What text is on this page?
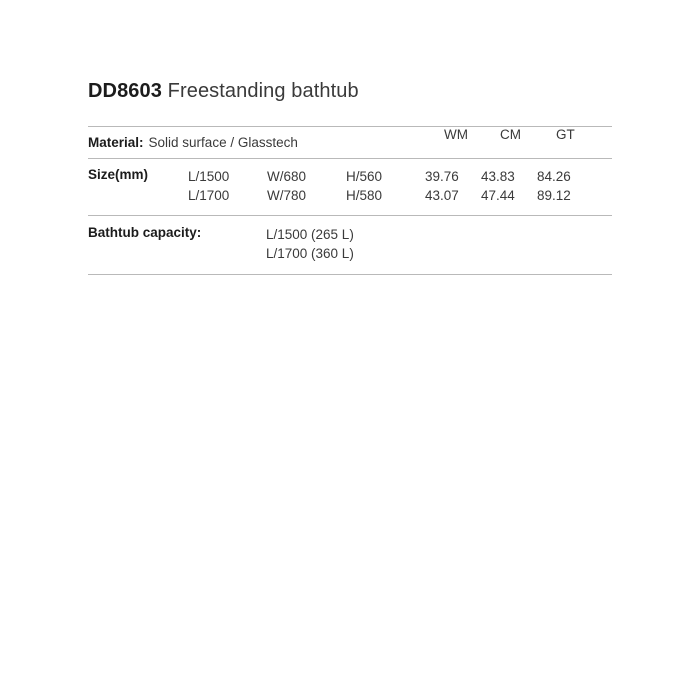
DD8603 Freestanding bathtub
Material: Solid surface / Glasstech
WM	CM	GT
Size(mm)	L/1500	W/680	H/560	39.76	43.83	84.26
L/1700	W/780	H/580	43.07	47.44	89.12
Bathtub capacity:	L/1500 (265 L)
L/1700 (360 L)
